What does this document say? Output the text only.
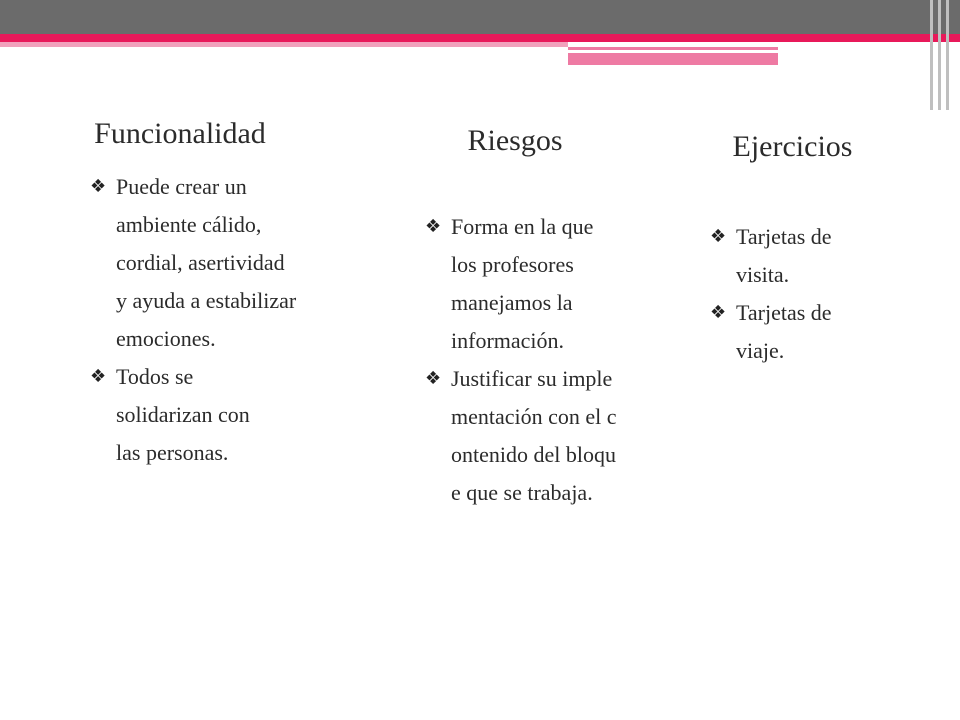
Funcionalidad
❖ Puede crear un ambiente cálido, cordial, asertividad y ayuda a estabilizar emociones.
❖ Todos se solidarizan con las personas.
Riesgos
❖ Forma en la que los profesores manejamos la información.
❖ Justificar su implementación con el contenido del bloque que se trabaja.
Ejercicios
❖ Tarjetas de visita.
❖ Tarjetas de viaje.
